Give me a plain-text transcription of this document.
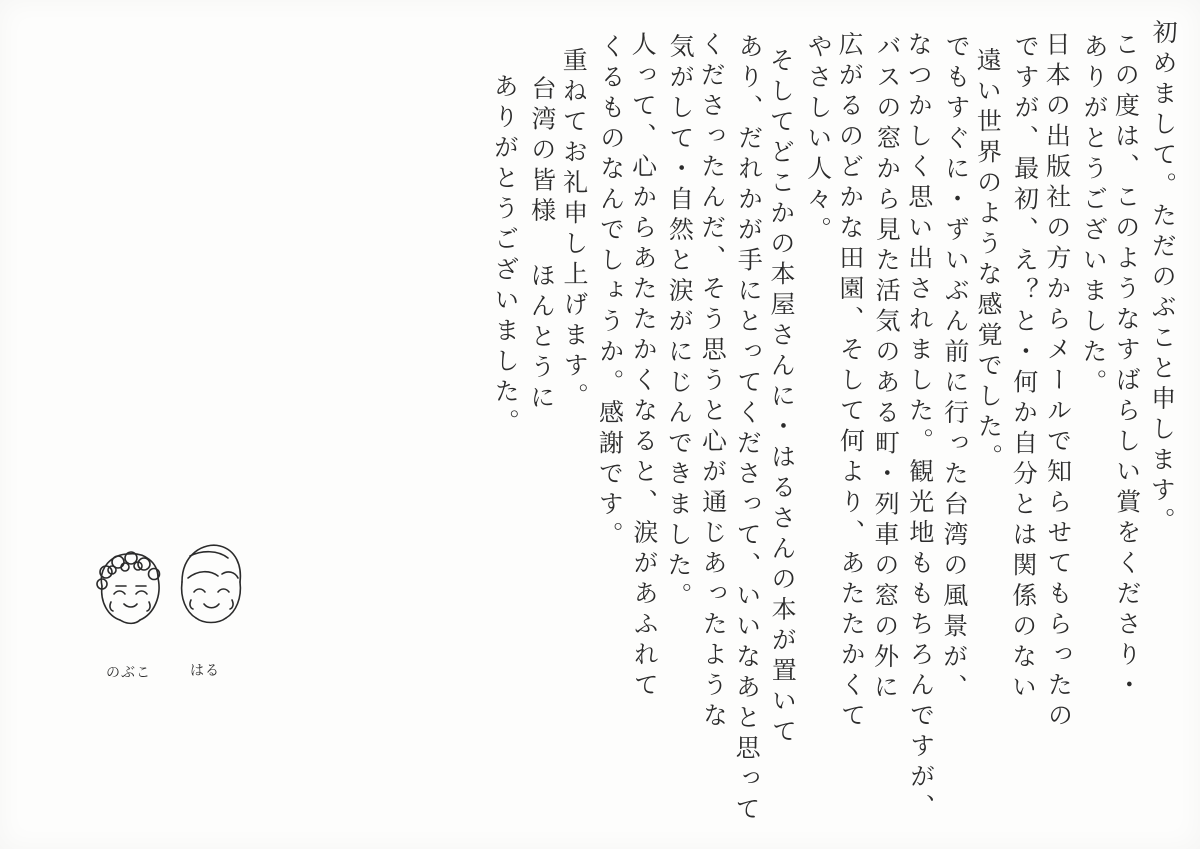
初めまして。ただのぶこと申します。
この度は、このようなすばらしい賞をくださり・
ありがとうございました。
日本の出版社の方からメールで知らせてもらったの
ですが、最初、え？と・何か自分とは関係のない
遠い世界のような感覚でした。
でもすぐに・ずいぶん前に行った台湾の風景が、
なつかしく思い出されました。観光地ももちろんですが、
バスの窓から見た活気のある町・列車の窓の外に
広がるのどかな田園、そして何より、あたたかくて
やさしい人々。
そしてどこかの本屋さんに・はるさんの本が置いて
あり、だれかが手にとってくださって、いいなあと思って
くださったんだ、そう思うと心が通じあったような
気がして・自然と涙がにじんできました。
人って、心からあたたかくなると、涙があふれて
くるものなんでしょうか。感謝です。
重ねてお礼申し上げます。
台湾の皆様 ほんとうに
ありがとうございました。
のぶこ	はる
